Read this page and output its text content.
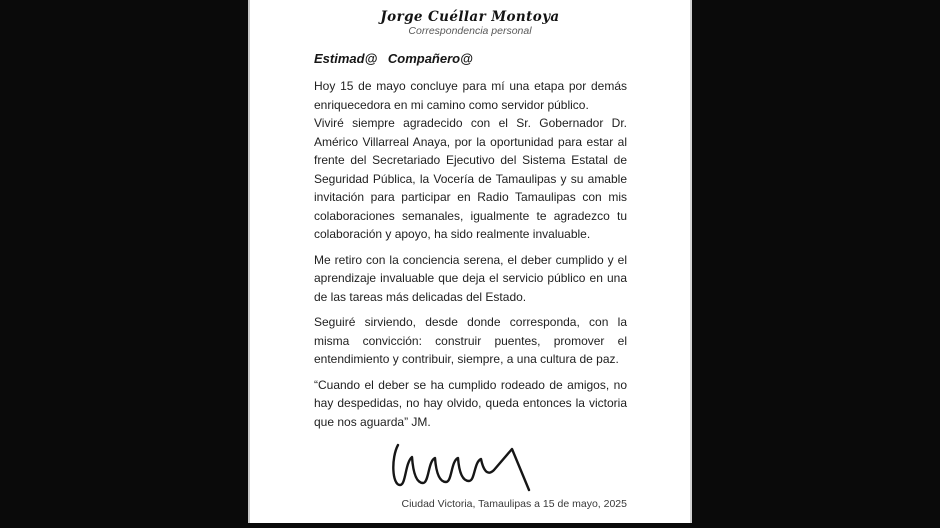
Jorge Cuéllar Montoya
Correspondencia personal
Estimad@ Compañero@

Hoy 15 de mayo concluye para mí una etapa por demás enriquecedora en mi camino como servidor público.

Viviré siempre agradecido con el Sr. Gobernador Dr. Américo Villarreal Anaya, por la oportunidad para estar al frente del Secretariado Ejecutivo del Sistema Estatal de Seguridad Pública, la Vocería de Tamaulipas y su amable invitación para participar en Radio Tamaulipas con mis colaboraciones semanales, igualmente te agradezco tu colaboración y apoyo, ha sido realmente invaluable.

Me retiro con la conciencia serena, el deber cumplido y el aprendizaje invaluable que deja el servicio público en una de las tareas más delicadas del Estado.

Seguiré sirviendo, desde donde corresponda, con la misma convicción: construir puentes, promover el entendimiento y contribuir, siempre, a una cultura de paz.

“Cuando el deber se ha cumplido rodeado de amigos, no hay despedidas, no hay olvido, queda entonces la victoria que nos aguarda” JM.

Ciudad Victoria, Tamaulipas a 15 de mayo, 2025
